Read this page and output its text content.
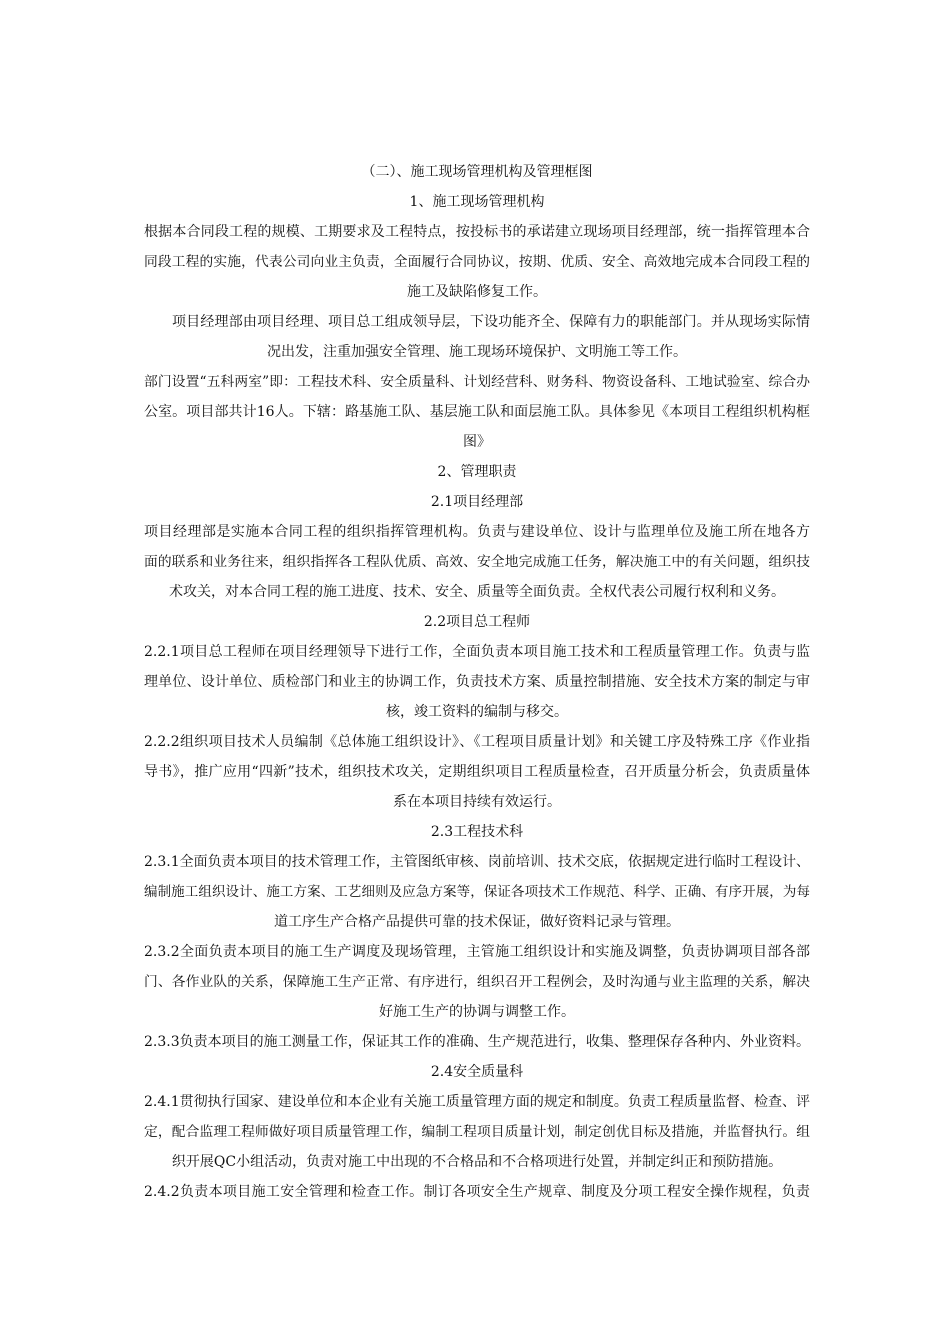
（二）、施工现场管理机构及管理框图
1、施工现场管理机构
根据本合同段工程的规模、工期要求及工程特点，按投标书的承诺建立现场项目经理部，统一指挥管理本合
同段工程的实施，代表公司向业主负责，全面履行合同协议，按期、优质、安全、高效地完成本合同段工程的
施工及缺陷修复工作。
项目经理部由项目经理、项目总工组成领导层，下设功能齐全、保障有力的职能部门。并从现场实际情
况出发，注重加强安全管理、施工现场环境保护、文明施工等工作。
部门设置“五科两室”即：工程技术科、安全质量科、计划经营科、财务科、物资设备科、工地试验室、综合办
公室。项目部共计16人。下辖：路基施工队、基层施工队和面层施工队。具体参见《本项目工程组织机构框
图》
2、管理职责
2.1项目经理部
项目经理部是实施本合同工程的组织指挥管理机构。负责与建设单位、设计与监理单位及施工所在地各方
面的联系和业务往来，组织指挥各工程队优质、高效、安全地完成施工任务，解决施工中的有关问题，组织技
术攻关，对本合同工程的施工进度、技术、安全、质量等全面负责。全权代表公司履行权利和义务。
2.2项目总工程师
2.2.1项目总工程师在项目经理领导下进行工作，全面负责本项目施工技术和工程质量管理工作。负责与监
理单位、设计单位、质检部门和业主的协调工作，负责技术方案、质量控制措施、安全技术方案的制定与审
核，竣工资料的编制与移交。
2.2.2组织项目技术人员编制《总体施工组织设计》、《工程项目质量计划》和关键工序及特殊工序《作业指
导书》，推广应用“四新”技术，组织技术攻关，定期组织项目工程质量检查，召开质量分析会，负责质量体
系在本项目持续有效运行。
2.3工程技术科
2.3.1全面负责本项目的技术管理工作，主管图纸审核、岗前培训、技术交底，依据规定进行临时工程设计、
编制施工组织设计、施工方案、工艺细则及应急方案等，保证各项技术工作规范、科学、正确、有序开展，为每
道工序生产合格产品提供可靠的技术保证，做好资料记录与管理。
2.3.2全面负责本项目的施工生产调度及现场管理，主管施工组织设计和实施及调整，负责协调项目部各部
门、各作业队的关系，保障施工生产正常、有序进行，组织召开工程例会，及时沟通与业主监理的关系，解决
好施工生产的协调与调整工作。
2.3.3负责本项目的施工测量工作，保证其工作的准确、生产规范进行，收集、整理保存各种内、外业资料。
2.4安全质量科
2.4.1贯彻执行国家、建设单位和本企业有关施工质量管理方面的规定和制度。负责工程质量监督、检查、评
定，配合监理工程师做好项目质量管理工作，编制工程项目质量计划，制定创优目标及措施，并监督执行。组
织开展QC小组活动，负责对施工中出现的不合格品和不合格项进行处置，并制定纠正和预防措施。
2.4.2负责本项目施工安全管理和检查工作。制订各项安全生产规章、制度及分项工程安全操作规程，负责
